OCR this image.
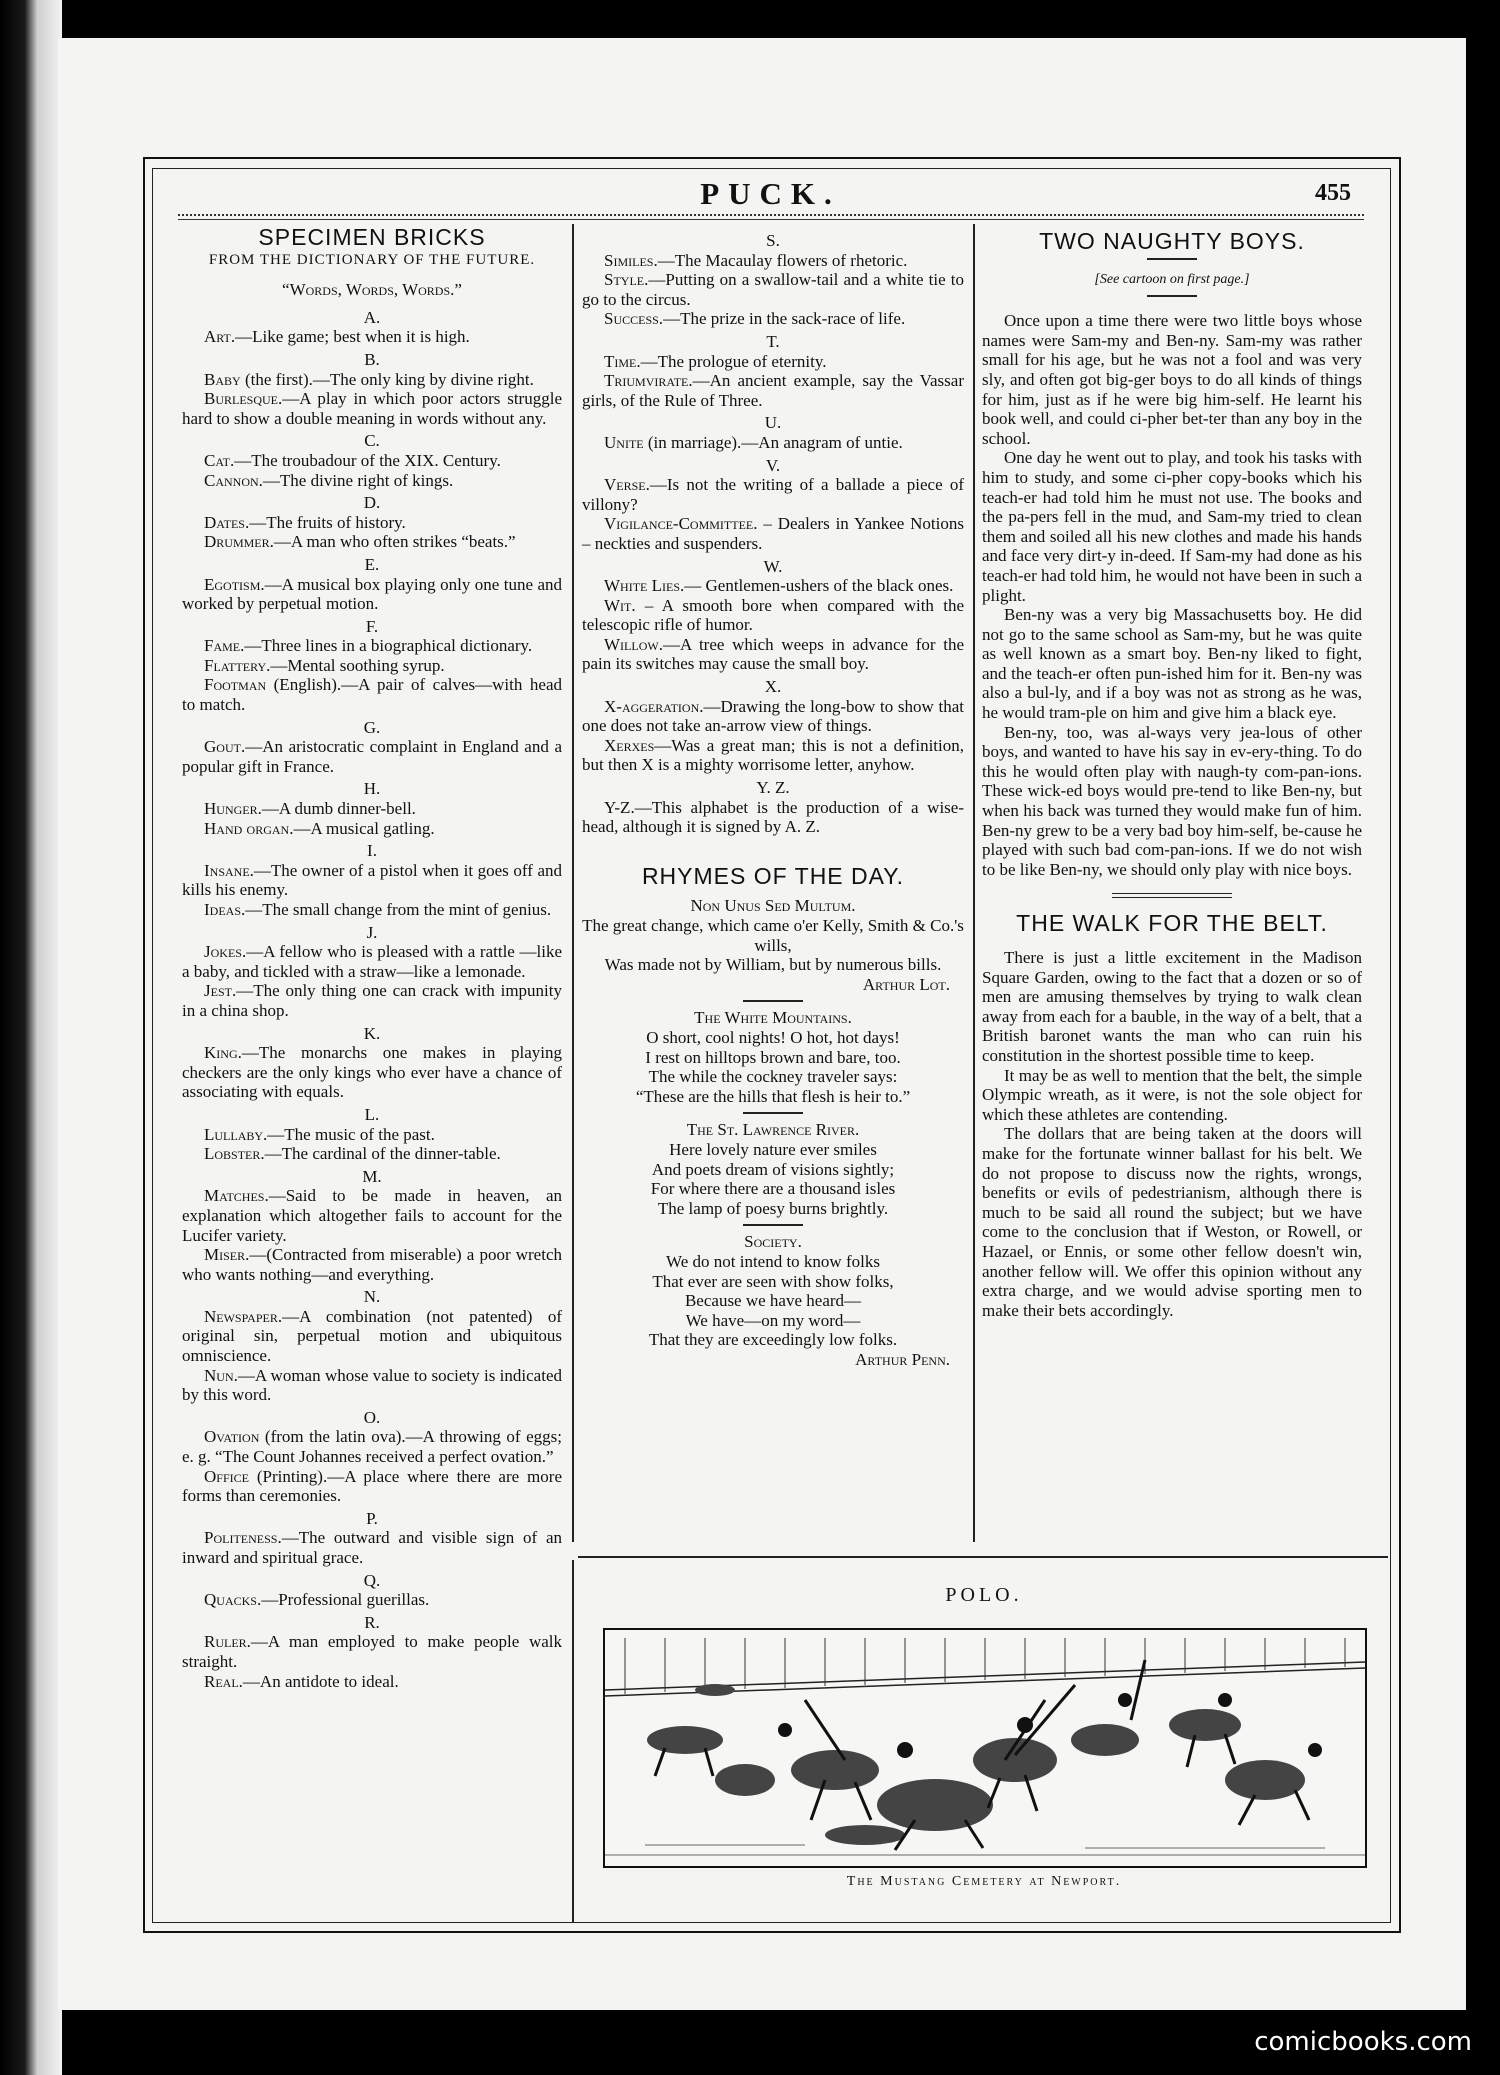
PUCK.	455
SPECIMEN BRICKS
FROM THE DICTIONARY OF THE FUTURE.
“Words, Words, Words.”
A.

Art.—Like game; best when it is high.

B.

Baby (the first).—The only king by divine right.

Burlesque.—A play in which poor actors struggle hard to show a double meaning in words without any.

C.

Cat.—The troubadour of the XIX. Century.

Cannon.—The divine right of kings.

D.

Dates.—The fruits of history.

Drummer.—A man who often strikes “beats.”

E.

Egotism.—A musical box playing only one tune and worked by perpetual motion.

F.

Fame.—Three lines in a biographical dictionary.

Flattery.—Mental soothing syrup.

Footman (English).—A pair of calves—with head to match.

G.

Gout.—An aristocratic complaint in England and a popular gift in France.

H.

Hunger.—A dumb dinner-bell.

Hand organ.—A musical gatling.

I.

Insane.—The owner of a pistol when it goes off and kills his enemy.

Ideas.—The small change from the mint of genius.

J.

Jokes.—A fellow who is pleased with a rattle —like a baby, and tickled with a straw—like a lemonade.

Jest.—The only thing one can crack with impunity in a china shop.

K.

King.—The monarchs one makes in playing checkers are the only kings who ever have a chance of associating with equals.

L.

Lullaby.—The music of the past.

Lobster.—The cardinal of the dinner-table.

M.

Matches.—Said to be made in heaven, an explanation which altogether fails to account for the Lucifer variety.

Miser.—(Contracted from miserable) a poor wretch who wants nothing—and everything.

N.

Newspaper.—A combination (not patented) of original sin, perpetual motion and ubiquitous omniscience.

Nun.—A woman whose value to society is indicated by this word.

O.

Ovation (from the latin ova).—A throwing of eggs; e. g. “The Count Johannes received a perfect ovation.”

Office (Printing).—A place where there are more forms than ceremonies.

P.

Politeness.—The outward and visible sign of an inward and spiritual grace.

Q.

Quacks.—Professional guerillas.

R.

Ruler.—A man employed to make people walk straight.

Real.—An antidote to ideal.

S.

Similes.—The Macaulay flowers of rhetoric.

Style.—Putting on a swallow-tail and a white tie to go to the circus.

Success.—The prize in the sack-race of life.

T.

Time.—The prologue of eternity.

Triumvirate.—An ancient example, say the Vassar girls, of the Rule of Three.

U.

Unite (in marriage).—An anagram of untie.

V.

Verse.—Is not the writing of a ballade a piece of villony?

Vigilance-Committee. – Dealers in Yankee Notions – neckties and suspenders.

W.

White Lies.— Gentlemen-ushers of the black ones.

Wit. – A smooth bore when compared with the telescopic rifle of humor.

Willow.—A tree which weeps in advance for the pain its switches may cause the small boy.

X.

X-aggeration.—Drawing the long-bow to show that one does not take an-arrow view of things.

Xerxes—Was a great man; this is not a definition, but then X is a mighty worrisome letter, anyhow.

Y. Z.

Y-Z.—This alphabet is the production of a wise-head, although it is signed by A. Z.

RHYMES OF THE DAY.
Non Unus Sed Multum.
The great change, which came o'er Kelly, Smith & Co.'s wills,
Was made not by William, but by numerous bills.
Arthur Lot.
The White Mountains.
O short, cool nights! O hot, hot days!
I rest on hilltops brown and bare, too.
The while the cockney traveler says:
“These are the hills that flesh is heir to.”
The St. Lawrence River.
Here lovely nature ever smiles
And poets dream of visions sightly;
For where there are a thousand isles
The lamp of poesy burns brightly.
Society.
We do not intend to know folks
That ever are seen with show folks,
Because we have heard—
We have—on my word—
That they are exceedingly low folks.
Arthur Penn.
TWO NAUGHTY BOYS.
[See cartoon on first page.]

Once upon a time there were two little boys whose names were Sam-my and Ben-ny. Sam-my was rather small for his age, but he was not a fool and was very sly, and often got big-ger boys to do all kinds of things for him, just as if he were big him-self. He learnt his book well, and could ci-pher bet-ter than any boy in the school.

One day he went out to play, and took his tasks with him to study, and some ci-pher copy-books which his teach-er had told him he must not use. The books and the pa-pers fell in the mud, and Sam-my tried to clean them and soiled all his new clothes and made his hands and face very dirt-y in-deed. If Sam-my had done as his teach-er had told him, he would not have been in such a plight.

Ben-ny was a very big Massachusetts boy. He did not go to the same school as Sam-my, but he was quite as well known as a smart boy. Ben-ny liked to fight, and the teach-er often pun-ished him for it. Ben-ny was also a bul-ly, and if a boy was not as strong as he was, he would tram-ple on him and give him a black eye.

Ben-ny, too, was al-ways very jea-lous of other boys, and wanted to have his say in ev-ery-thing. To do this he would often play with naugh-ty com-pan-ions. These wick-ed boys would pre-tend to like Ben-ny, but when his back was turned they would make fun of him. Ben-ny grew to be a very bad boy him-self, be-cause he played with such bad com-pan-ions. If we do not wish to be like Ben-ny, we should only play with nice boys.

THE WALK FOR THE BELT.

There is just a little excitement in the Madison Square Garden, owing to the fact that a dozen or so of men are amusing themselves by trying to walk clean away from each for a bauble, in the way of a belt, that a British baronet wants the man who can ruin his constitution in the shortest possible time to keep.

It may be as well to mention that the belt, the simple Olympic wreath, as it were, is not the sole object for which these athletes are contending.

The dollars that are being taken at the doors will make for the fortunate winner ballast for his belt. We do not propose to discuss now the rights, wrongs, benefits or evils of pedestrianism, although there is much to be said all round the subject; but we have come to the conclusion that if Weston, or Rowell, or Hazael, or Ennis, or some other fellow doesn't win, another fellow will. We offer this opinion without any extra charge, and we would advise sporting men to make their bets accordingly.

POLO.
The Mustang Cemetery at Newport.
comicbooks.com
